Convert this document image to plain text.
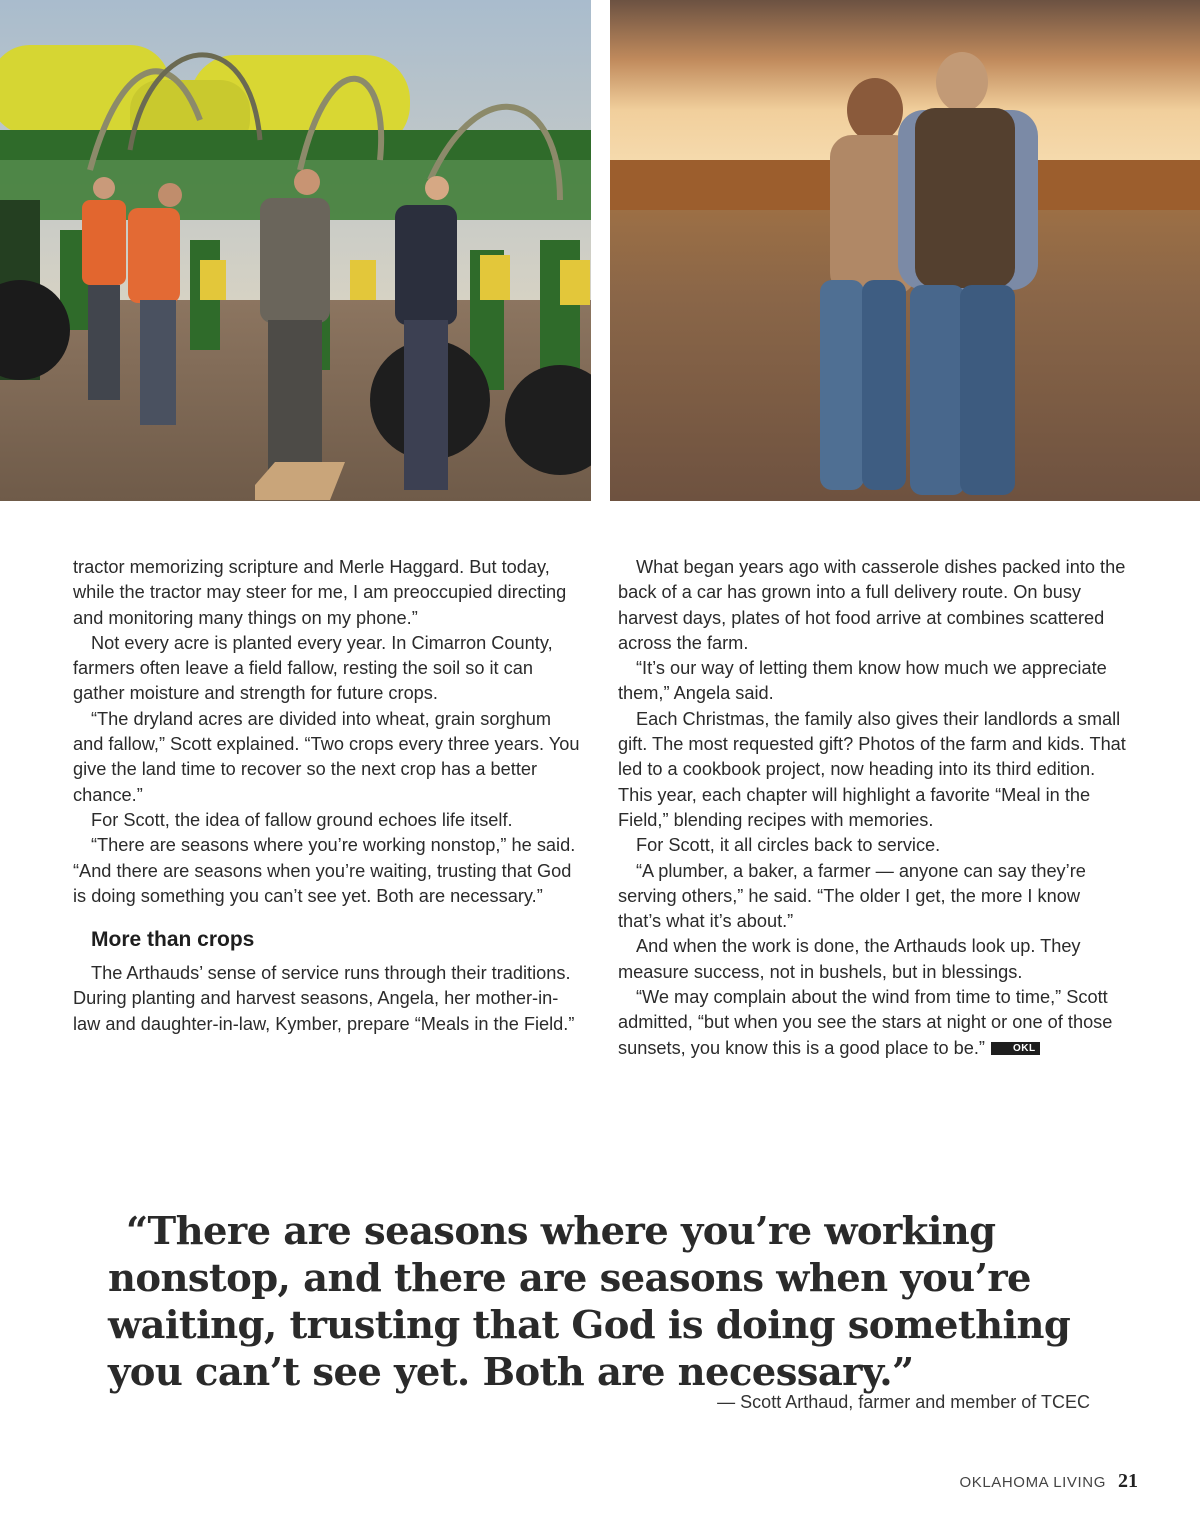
tractor memorizing scripture and Merle Haggard. But today, while the tractor may steer for me, I am preoccupied directing and monitoring many things on my phone.”

Not every acre is planted every year. In Cimarron County, farmers often leave a field fallow, resting the soil so it can gather moisture and strength for future crops.

“The dryland acres are divided into wheat, grain sorghum and fallow,” Scott explained. “Two crops every three years. You give the land time to recover so the next crop has a better chance.”

For Scott, the idea of fallow ground echoes life itself.

“There are seasons where you’re working nonstop,” he said. “And there are seasons when you’re waiting, trusting that God is doing something you can’t see yet. Both are necessary.”

More than crops

The Arthauds’ sense of service runs through their traditions. During planting and harvest seasons, Angela, her mother-in-law and daughter-in-law, Kymber, prepare “Meals in the Field.”

What began years ago with casserole dishes packed into the back of a car has grown into a full delivery route. On busy harvest days, plates of hot food arrive at combines scattered across the farm.

“It’s our way of letting them know how much we appreciate them,” Angela said.

Each Christmas, the family also gives their landlords a small gift. The most requested gift? Photos of the farm and kids. That led to a cookbook project, now heading into its third edition. This year, each chapter will highlight a favorite “Meal in the Field,” blending recipes with memories.

For Scott, it all circles back to service.

“A plumber, a baker, a farmer — anyone can say they’re serving others,” he said. “The older I get, the more I know that’s what it’s about.”

And when the work is done, the Arthauds look up. They measure success, not in bushels, but in blessings.

“We may complain about the wind from time to time,” Scott admitted, “but when you see the stars at night or one of those sunsets, you know this is a good place to be.”	OKL

“There are seasons where you’re working nonstop, and there are seasons when you’re waiting, trusting that God is doing something you can’t see yet. Both are necessary.”

— Scott Arthaud, farmer and member of TCEC

OKLAHOMA LIVING 21
